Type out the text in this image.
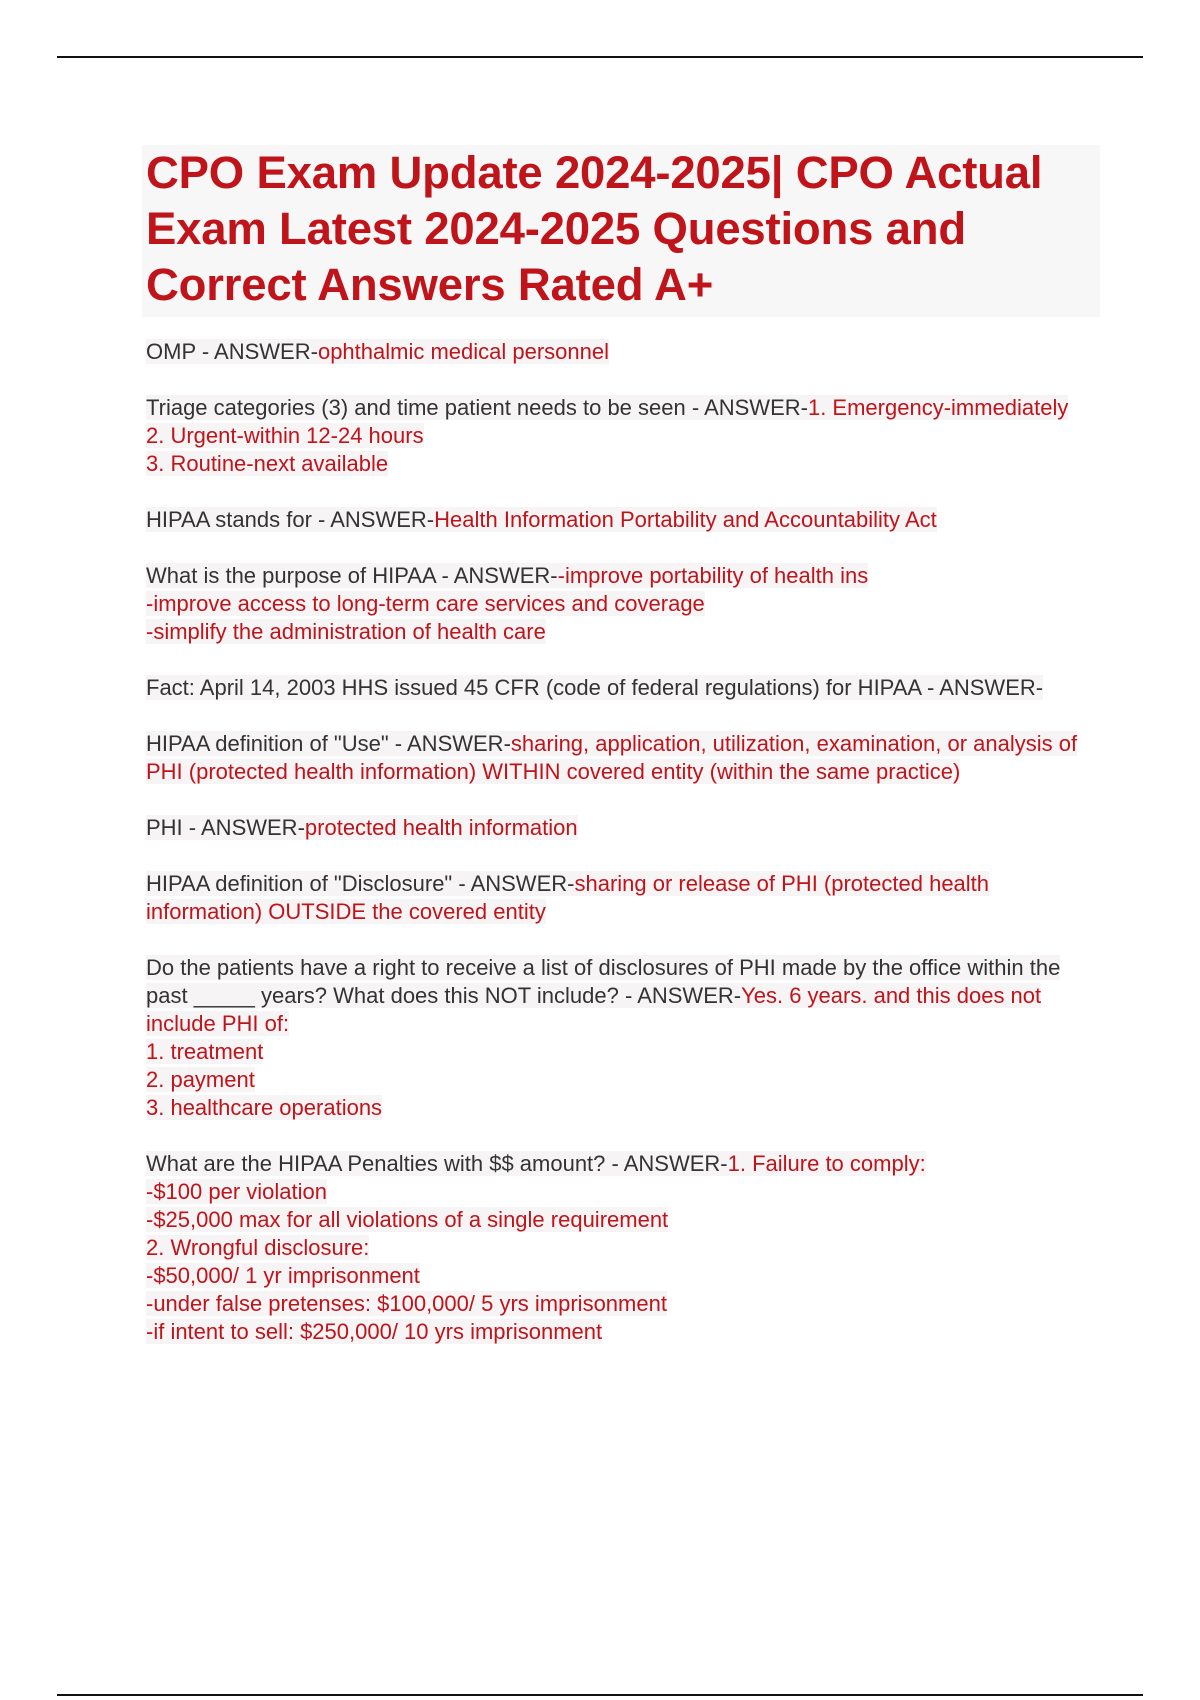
CPO Exam Update 2024-2025| CPO Actual Exam Latest 2024-2025 Questions and Correct Answers Rated A+

OMP - ANSWER-ophthalmic medical personnel

Triage categories (3) and time patient needs to be seen - ANSWER-1. Emergency-immediately
2. Urgent-within 12-24 hours
3. Routine-next available

HIPAA stands for - ANSWER-Health Information Portability and Accountability Act

What is the purpose of HIPAA - ANSWER--improve portability of health ins
-improve access to long-term care services and coverage
-simplify the administration of health care

Fact: April 14, 2003 HHS issued 45 CFR (code of federal regulations) for HIPAA - ANSWER-

HIPAA definition of "Use" - ANSWER-sharing, application, utilization, examination, or analysis of PHI (protected health information) WITHIN covered entity (within the same practice)

PHI - ANSWER-protected health information

HIPAA definition of "Disclosure" - ANSWER-sharing or release of PHI (protected health information) OUTSIDE the covered entity

Do the patients have a right to receive a list of disclosures of PHI made by the office within the past _____ years? What does this NOT include? - ANSWER-Yes. 6 years. and this does not include PHI of:
1. treatment
2. payment
3. healthcare operations

What are the HIPAA Penalties with $$ amount? - ANSWER-1. Failure to comply:
-$100 per violation
-$25,000 max for all violations of a single requirement
2. Wrongful disclosure:
-$50,000/ 1 yr imprisonment
-under false pretenses: $100,000/ 5 yrs imprisonment
-if intent to sell: $250,000/ 10 yrs imprisonment
